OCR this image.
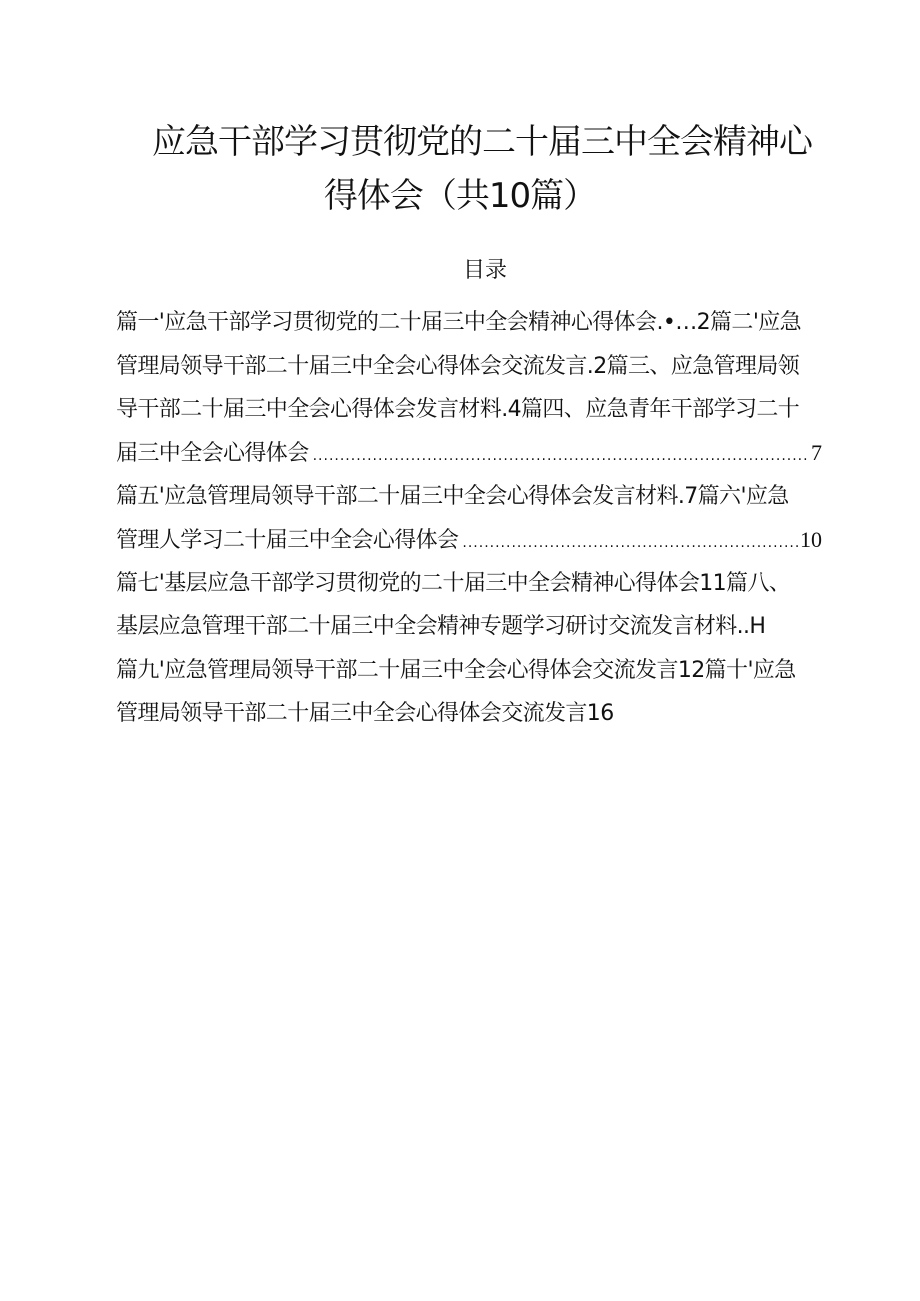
应急干部学习贯彻党的二十届三中全会精神心
得体会（共10篇）
目录
篇一'应急干部学习贯彻党的二十届三中全会精神心得体会.•…2篇二'应急
管理局领导干部二十届三中全会心得体会交流发言.2篇三、应急管理局领
导干部二十届三中全会心得体会发言材料.4篇四、应急青年干部学习二十
届三中全会心得体会 .....	7
篇五'应急管理局领导干部二十届三中全会心得体会发言材料.7篇六'应急
管理人学习二十届三中全会心得体会 .....	10
篇七'基层应急干部学习贯彻党的二十届三中全会精神心得体会11篇八、
基层应急管理干部二十届三中全会精神专题学习研讨交流发言材料..H
篇九'应急管理局领导干部二十届三中全会心得体会交流发言12篇十'应急
管理局领导干部二十届三中全会心得体会交流发言16
